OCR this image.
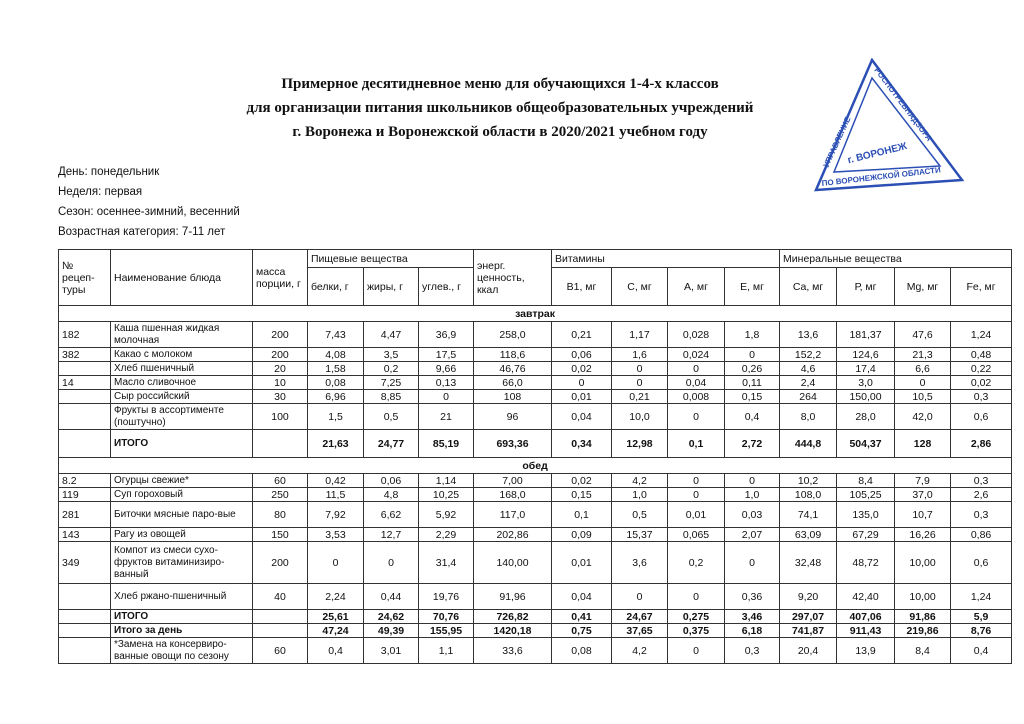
Примерное десятидневное меню для обучающихся 1-4-х классов
для организации питания школьников общеобразовательных учреждений
г. Воронежа и Воронежской области в 2020/2021 учебном году
УПРАВЛЕНИЕ
РОСПОТРЕБНАДЗОРА
г. ВОРОНЕЖ
ПО ВОРОНЕЖСКОЙ ОБЛАСТИ
День: понедельник
Неделя: первая
Сезон: осеннее-зимний, весенний
Возрастная категория: 7-11 лет
№ рецеп-туры	Наименование блюда	масса порции, г	Пищевые вещества			энерг. ценность, ккал	Витамины				Минеральные вещества			
			белки, г	жиры, г	углев., г		B1, мг	С, мг	А, мг	Е, мг	Са, мг	Р, мг	Мg, мг	Fe, мг
завтрак														
182	Каша пшенная жидкая молочная	200	7,43	4,47	36,9	258,0	0,21	1,17	0,028	1,8	13,6	181,37	47,6	1,24
382	Какао с молоком	200	4,08	3,5	17,5	118,6	0,06	1,6	0,024	0	152,2	124,6	21,3	0,48
	Хлеб пшеничный	20	1,58	0,2	9,66	46,76	0,02	0	0	0,26	4,6	17,4	6,6	0,22
14	Масло сливочное	10	0,08	7,25	0,13	66,0	0	0	0,04	0,11	2,4	3,0	0	0,02
	Сыр российский	30	6,96	8,85	0	108	0,01	0,21	0,008	0,15	264	150,00	10,5	0,3
	Фрукты в ассортименте (поштучно)	100	1,5	0,5	21	96	0,04	10,0	0	0,4	8,0	28,0	42,0	0,6
	ИТОГО		21,63	24,77	85,19	693,36	0,34	12,98	0,1	2,72	444,8	504,37	128	2,86
обед														
8.2	Огурцы свежие*	60	0,42	0,06	1,14	7,00	0,02	4,2	0	0	10,2	8,4	7,9	0,3
119	Суп гороховый	250	11,5	4,8	10,25	168,0	0,15	1,0	0	1,0	108,0	105,25	37,0	2,6
281	Биточки мясные паро-вые	80	7,92	6,62	5,92	117,0	0,1	0,5	0,01	0,03	74,1	135,0	10,7	0,3
143	Рагу из овощей	150	3,53	12,7	2,29	202,86	0,09	15,37	0,065	2,07	63,09	67,29	16,26	0,86
349	Компот из смеси сухо-фруктов витаминизиро-ванный	200	0	0	31,4	140,00	0,01	3,6	0,2	0	32,48	48,72	10,00	0,6
	Хлеб ржано-пшеничный	40	2,24	0,44	19,76	91,96	0,04	0	0	0,36	9,20	42,40	10,00	1,24
	ИТОГО		25,61	24,62	70,76	726,82	0,41	24,67	0,275	3,46	297,07	407,06	91,86	5,9
	Итого за день		47,24	49,39	155,95	1420,18	0,75	37,65	0,375	6,18	741,87	911,43	219,86	8,76
	*Замена на консервиро-ванные овощи по сезону	60	0,4	3,01	1,1	33,6	0,08	4,2	0	0,3	20,4	13,9	8,4	0,4
